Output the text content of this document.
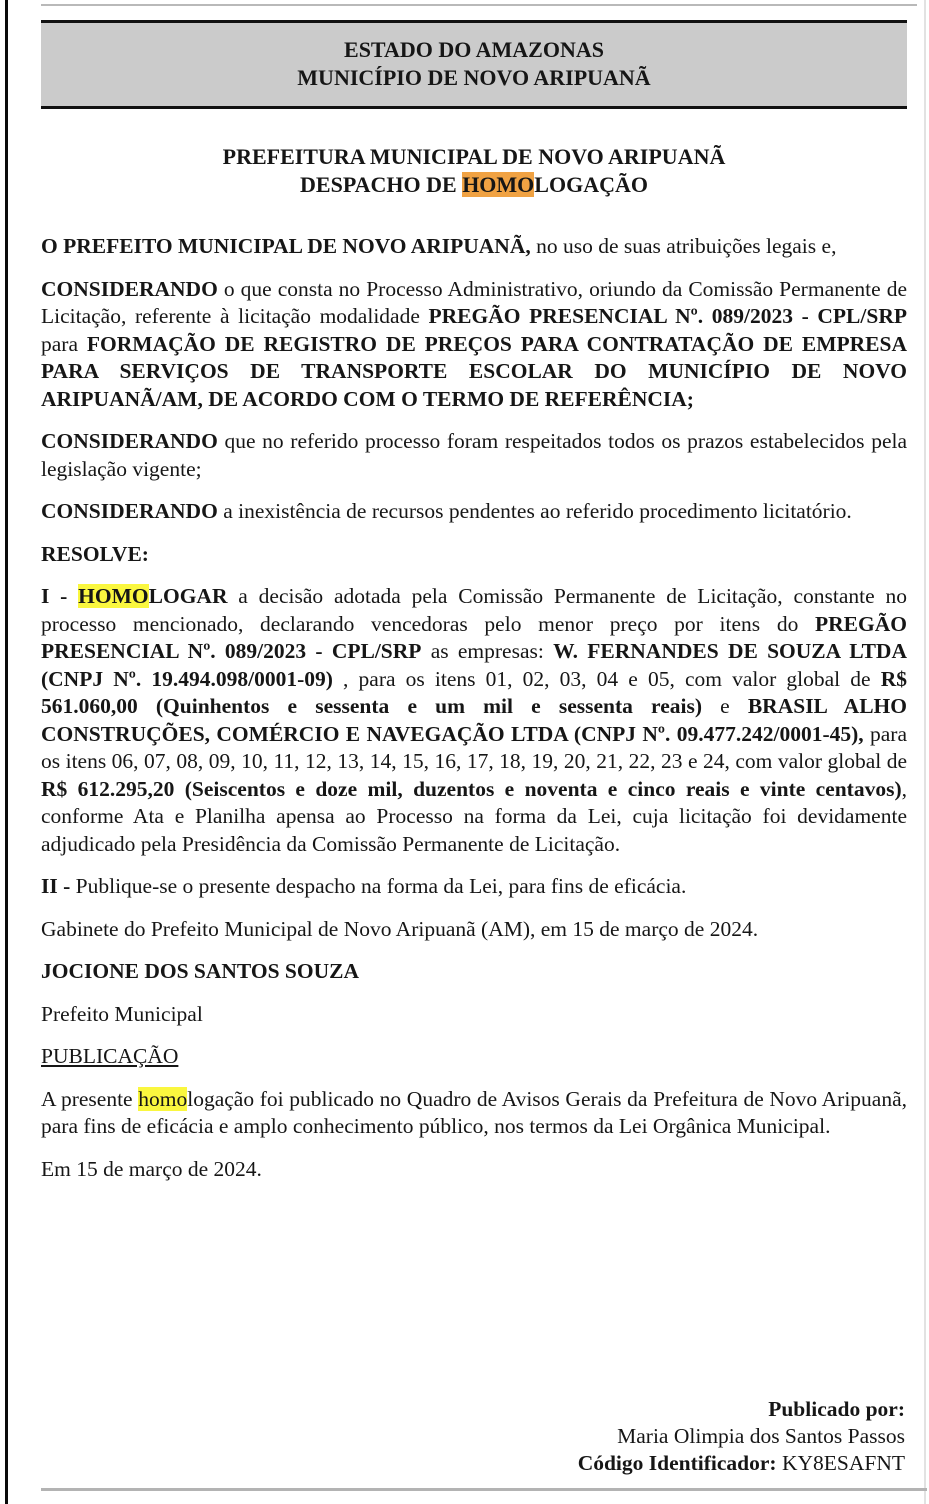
ESTADO DO AMAZONAS
MUNICÍPIO DE NOVO ARIPUANÃ
PREFEITURA MUNICIPAL DE NOVO ARIPUANÃ
DESPACHO DE HOMOLOGAÇÃO

O PREFEITO MUNICIPAL DE NOVO ARIPUANÃ, no uso de suas atribuições legais e,

CONSIDERANDO o que consta no Processo Administrativo, oriundo da Comissão Permanente de Licitação, referente à licitação modalidade PREGÃO PRESENCIAL Nº. 089/2023 - CPL/SRP para FORMAÇÃO DE REGISTRO DE PREÇOS PARA CONTRATAÇÃO DE EMPRESA PARA SERVIÇOS DE TRANSPORTE ESCOLAR DO MUNICÍPIO DE NOVO ARIPUANÃ/AM, DE ACORDO COM O TERMO DE REFERÊNCIA;

CONSIDERANDO que no referido processo foram respeitados todos os prazos estabelecidos pela legislação vigente;

CONSIDERANDO a inexistência de recursos pendentes ao referido procedimento licitatório.

RESOLVE:

I - HOMOLOGAR a decisão adotada pela Comissão Permanente de Licitação, constante no processo mencionado, declarando vencedoras pelo menor preço por itens do PREGÃO PRESENCIAL Nº. 089/2023 - CPL/SRP as empresas: W. FERNANDES DE SOUZA LTDA (CNPJ Nº. 19.494.098/0001-09) , para os itens 01, 02, 03, 04 e 05, com valor global de R$ 561.060,00 (Quinhentos e sessenta e um mil e sessenta reais) e BRASIL ALHO CONSTRUÇÕES, COMÉRCIO E NAVEGAÇÃO LTDA (CNPJ Nº. 09.477.242/0001-45), para os itens 06, 07, 08, 09, 10, 11, 12, 13, 14, 15, 16, 17, 18, 19, 20, 21, 22, 23 e 24, com valor global de R$ 612.295,20 (Seiscentos e doze mil, duzentos e noventa e cinco reais e vinte centavos), conforme Ata e Planilha apensa ao Processo na forma da Lei, cuja licitação foi devidamente adjudicado pela Presidência da Comissão Permanente de Licitação.

II - Publique-se o presente despacho na forma da Lei, para fins de eficácia.

Gabinete do Prefeito Municipal de Novo Aripuanã (AM), em 15 de março de 2024.

JOCIONE DOS SANTOS SOUZA

Prefeito Municipal

PUBLICAÇÃO

A presente homologação foi publicado no Quadro de Avisos Gerais da Prefeitura de Novo Aripuanã, para fins de eficácia e amplo conhecimento público, nos termos da Lei Orgânica Municipal.

Em 15 de março de 2024.

Publicado por:
Maria Olimpia dos Santos Passos
Código Identificador: KY8ESAFNT
